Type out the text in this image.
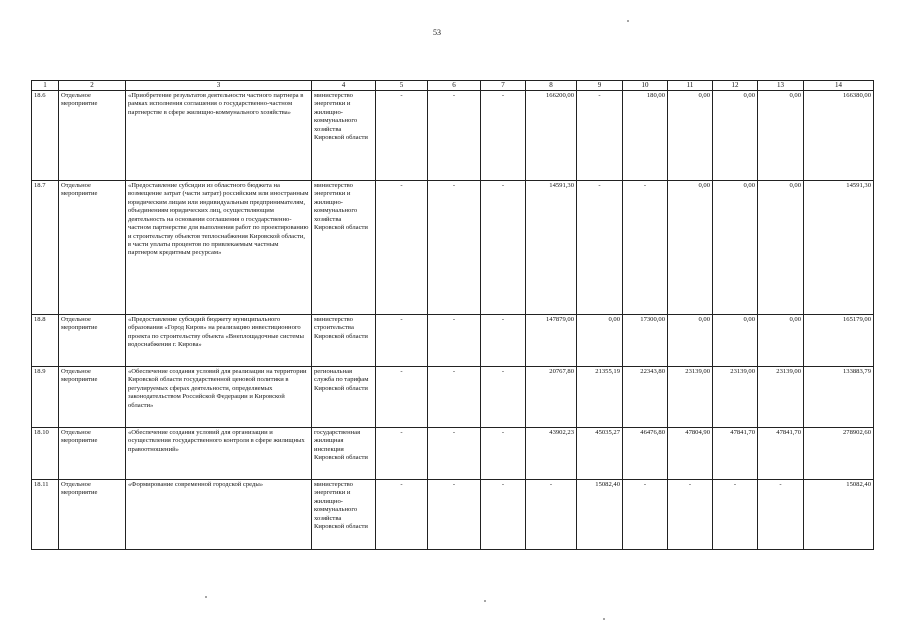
53
1	2	3	4	5	6	7	8	9	10	11	12	13	14
18.6	Отдельное мероприятие	«Приобретение результатов деятельности частного партнера в рамках исполнения соглашения о государственно-частном партнерстве в сфере жилищно-коммунального хозяйства»	министерство энергетики и жилищно-коммунального хозяйства Кировской области	-	-	-	166200,00	-	180,00	0,00	0,00	0,00	166380,00
18.7	Отдельное мероприятие	«Предоставление субсидии из областного бюджета на возмещение затрат (части затрат) российским или иностранным юридическим лицам или индивидуальным предпринимателям, объединениям юридических лиц, осуществляющим деятельность на основании соглашения о государственно-частном партнерстве для выполнения работ по проектированию и строительству объектов теплоснабжения Кировской области, в части уплаты процентов по привлекаемым частным партнером кредитным ресурсам»	министерство энергетики и жилищно-коммунального хозяйства Кировской области	-	-	-	14591,30	-	-	0,00	0,00	0,00	14591,30
18.8	Отдельное мероприятие	«Предоставление субсидий бюджету муниципального образования «Город Киров» на реализацию инвестиционного проекта по строительству объекта «Внеплощадочные системы водоснабжения г. Кирова»	министерство строительства Кировской области	-	-	-	147879,00	0,00	17300,00	0,00	0,00	0,00	165179,00
18.9	Отдельное мероприятие	«Обеспечение создания условий для реализации на территории Кировской области государственной ценовой политики в регулируемых сферах деятельности, определяемых законодательством Российской Федерации и Кировской области»	региональная служба по тарифам Кировской области	-	-	-	20767,80	21355,19	22343,80	23139,00	23139,00	23139,00	133883,79
18.10	Отдельное мероприятие	«Обеспечение создания условий для организации и осуществления государственного контроля в сфере жилищных правоотношений»	государственная жилищная инспекция Кировской области	-	-	-	43902,23	45035,27	46476,80	47804,90	47841,70	47841,70	278902,60
18.11	Отдельное мероприятие	«Формирование современной городской среды»	министерство энергетики и жилищно-коммунального хозяйства Кировской области	-	-	-	-	15082,40	-	-	-	-	15082,40
